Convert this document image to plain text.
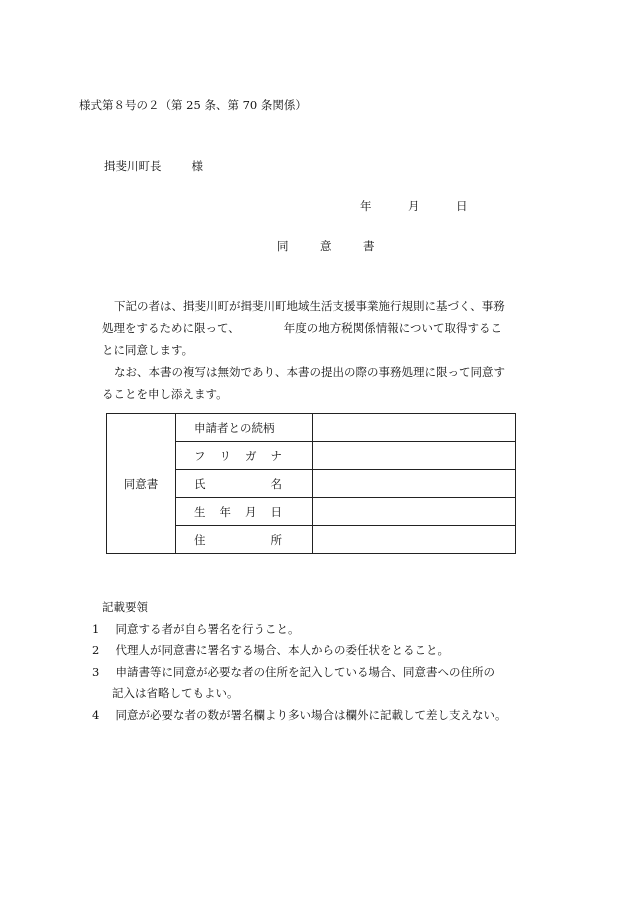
様式第８号の２（第 25 条、第 70 条関係）
揖斐川町長	様
年	月	日
同　意　書
下記の者は、揖斐川町が揖斐川町地域生活支援事業施行規則に基づく、事務
処理をするために限って、	年度の地方税関係情報について取得するこ
とに同意します。
なお、本書の複写は無効であり、本書の提出の際の事務処理に限って同意す
ることを申し添えます。
同意書	申請者との続柄	

	フ リ ガ ナ	

	氏 名	

	生 年 月 日	

	住 所	

記載要領
1　同意する者が自ら署名を行うこと。
2　代理人が同意書に署名する場合、本人からの委任状をとること。
3　申請書等に同意が必要な者の住所を記入している場合、同意書への住所の
記入は省略してもよい。
4　同意が必要な者の数が署名欄より多い場合は欄外に記載して差し支えない。
